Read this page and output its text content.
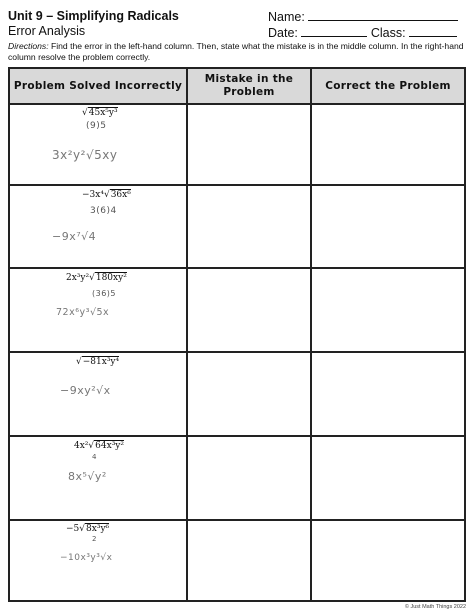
Unit 9 – Simplifying Radicals
Error Analysis
Name:
Date:	Class:
Directions: Find the error in the left-hand column. Then, state what the mistake is in the middle column. In the right-hand column resolve the problem correctly.
Problem Solved Incorrectly
Mistake in the Problem
Correct the Problem
√45x⁵y³
(9)5
3x²y²√5xy
−3x⁴√36x⁶
3(6)4
−9x⁷√4
2x³y²√180xy²
(36)5
72x⁶y³√5x
√−81x³y⁴
−9xy²√x
4x²√64x³y²
4
8x⁵√y²
−5√8x³y⁶
2
−10x³y³√x
© Just Math Things 2022
